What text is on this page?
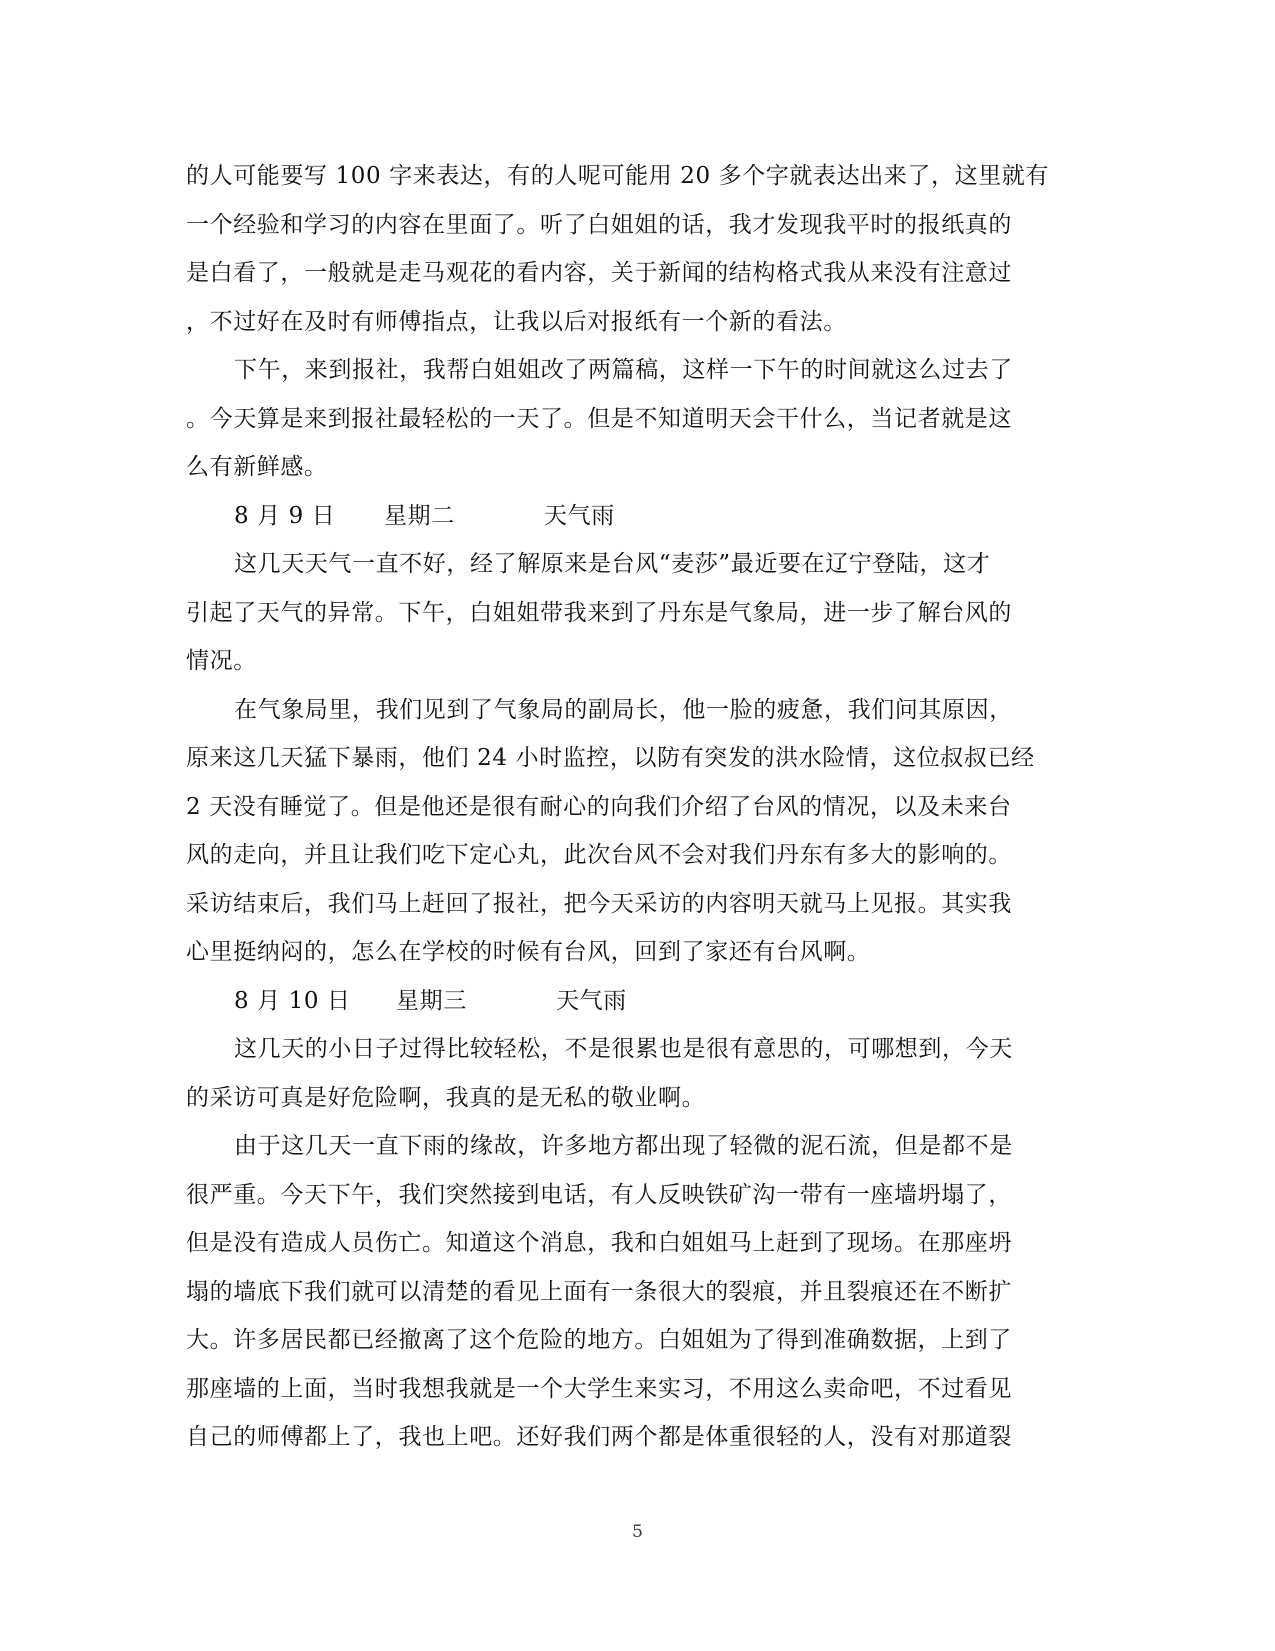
的人可能要写 100 字来表达，有的人呢可能用 20 多个字就表达出来了，这里就有
一个经验和学习的内容在里面了。听了白姐姐的话，我才发现我平时的报纸真的
是白看了，一般就是走马观花的看内容，关于新闻的结构格式我从来没有注意过
，不过好在及时有师傅指点，让我以后对报纸有一个新的看法。
下午，来到报社，我帮白姐姐改了两篇稿，这样一下午的时间就这么过去了
。今天算是来到报社最轻松的一天了。但是不知道明天会干什么，当记者就是这
么有新鲜感。
8 月 9 日	星期二	天气雨
这几天天气一直不好，经了解原来是台风“麦莎”最近要在辽宁登陆，这才
引起了天气的异常。下午，白姐姐带我来到了丹东是气象局，进一步了解台风的
情况。
在气象局里，我们见到了气象局的副局长，他一脸的疲惫，我们问其原因，
原来这几天猛下暴雨，他们 24 小时监控，以防有突发的洪水险情，这位叔叔已经
2 天没有睡觉了。但是他还是很有耐心的向我们介绍了台风的情况，以及未来台
风的走向，并且让我们吃下定心丸，此次台风不会对我们丹东有多大的影响的。
采访结束后，我们马上赶回了报社，把今天采访的内容明天就马上见报。其实我
心里挺纳闷的，怎么在学校的时候有台风，回到了家还有台风啊。
8 月 10 日	星期三	天气雨
这几天的小日子过得比较轻松，不是很累也是很有意思的，可哪想到，今天
的采访可真是好危险啊，我真的是无私的敬业啊。
由于这几天一直下雨的缘故，许多地方都出现了轻微的泥石流，但是都不是
很严重。今天下午，我们突然接到电话，有人反映铁矿沟一带有一座墙坍塌了，
但是没有造成人员伤亡。知道这个消息，我和白姐姐马上赶到了现场。在那座坍
塌的墙底下我们就可以清楚的看见上面有一条很大的裂痕，并且裂痕还在不断扩
大。许多居民都已经撤离了这个危险的地方。白姐姐为了得到准确数据，上到了
那座墙的上面，当时我想我就是一个大学生来实习，不用这么卖命吧，不过看见
自己的师傅都上了，我也上吧。还好我们两个都是体重很轻的人，没有对那道裂
5
